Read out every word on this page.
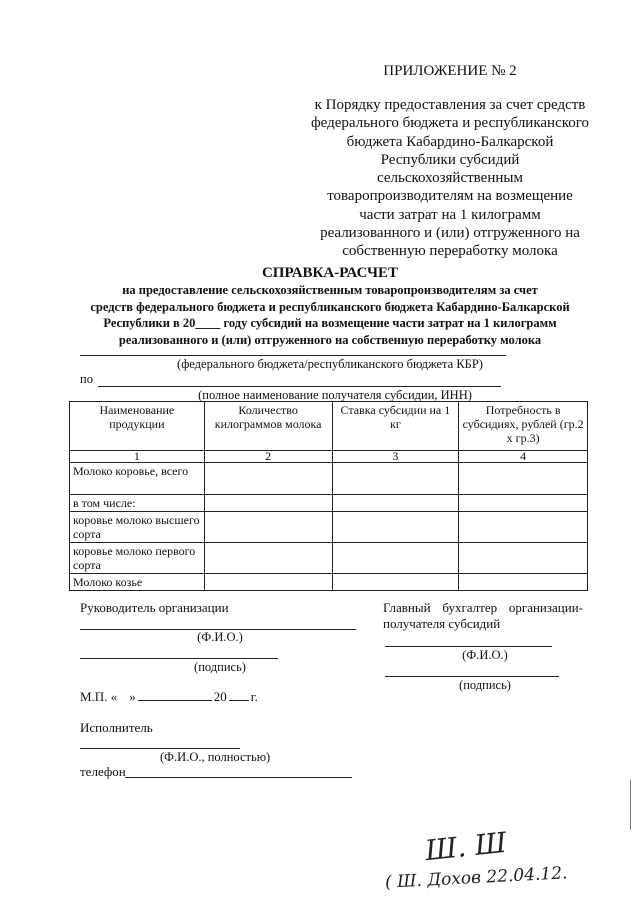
ПРИЛОЖЕНИЕ № 2
к Порядку предоставления за счет средств
федерального бюджета и республиканского
бюджета Кабардино-Балкарской
Республики субсидий
сельскохозяйственным
товаропроизводителям на возмещение
части затрат на 1 килограмм
реализованного и (или) отгруженного на
собственную переработку молока
СПРАВКА-РАСЧЕТ
на предоставление сельскохозяйственным товаропроизводителям за счет
средств федерального бюджета и республиканского бюджета Кабардино-Балкарской
Республики в 20____ году субсидий на возмещение части затрат на 1 килограмм
реализованного и (или) отгруженного на собственную переработку молока
(федерального бюджета/республиканского бюджета КБР)
по
(полное наименование получателя субсидии, ИНН)
Наименование продукции	Количество килограммов молока	Ставка субсидии на 1 кг	Потребность в субсидиях, рублей (гр.2 х гр.3)
1	2	3	4
Молоко коровье, всего			
в том числе:			
коровье молоко высшего сорта			
коровье молоко первого сорта			
Молоко козье			
Руководитель организации
(Ф.И.О.)
(подпись)
М.П. « »	20 г.
Исполнитель
(Ф.И.О., полностью)
телефон
Главный бухгалтер организации-получателя субсидий
(Ф.И.О.)
(подпись)
Ш. Ш
( Ш. Дохов 22.04.12.
